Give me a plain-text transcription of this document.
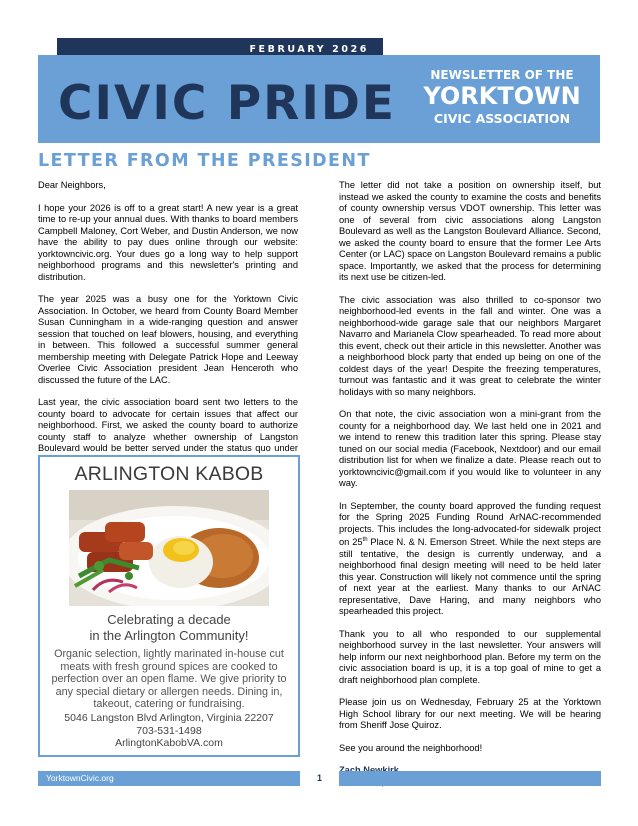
FEBRUARY 2026
CIVIC PRIDE
NEWSLETTER OF THE
YORKTOWN
CIVIC ASSOCIATION
LETTER FROM THE PRESIDENT

Dear Neighbors,

I hope your 2026 is off to a great start! A new year is a great time to re-up your annual dues. With thanks to board members Campbell Maloney, Cort Weber, and Dustin Anderson, we now have the ability to pay dues online through our website: yorktowncivic.org. Your dues go a long way to help support neighborhood programs and this newsletter's printing and distribution.

The year 2025 was a busy one for the Yorktown Civic Association. In October, we heard from County Board Member Susan Cunningham in a wide-ranging question and answer session that touched on leaf blowers, housing, and everything in between. This followed a successful summer general membership meeting with Delegate Patrick Hope and Leeway Overlee Civic Association president Jean Henceroth who discussed the future of the LAC.

Last year, the civic association board sent two letters to the county board to advocate for certain issues that affect our neighborhood. First, we asked the county board to authorize county staff to analyze whether ownership of Langston Boulevard would be better served under the status quo under

ARLINGTON KABOB
Celebrating a decade
in the Arlington Community!
Organic selection, lightly marinated in-house cut meats with fresh ground spices are cooked to perfection over an open flame. We give priority to any special dietary or allergen needs. Dining in, takeout, catering or fundraising.
5046 Langston Blvd Arlington, Virginia 22207
703-531-1498
ArlingtonKabobVA.com

The letter did not take a position on ownership itself, but instead we asked the county to examine the costs and benefits of county ownership versus VDOT ownership. This letter was one of several from civic associations along Langston Boulevard as well as the Langston Boulevard Alliance. Second, we asked the county board to ensure that the former Lee Arts Center (or LAC) space on Langston Boulevard remains a public space. Importantly, we asked that the process for determining its next use be citizen-led.

The civic association was also thrilled to co-sponsor two neighborhood-led events in the fall and winter. One was a neighborhood-wide garage sale that our neighbors Margaret Navarro and Marianela Clow spearheaded. To read more about this event, check out their article in this newsletter. Another was a neighborhood block party that ended up being on one of the coldest days of the year! Despite the freezing temperatures, turnout was fantastic and it was great to celebrate the winter holidays with so many neighbors.

On that note, the civic association won a mini-grant from the county for a neighborhood day. We last held one in 2021 and we intend to renew this tradition later this spring. Please stay tuned on our social media (Facebook, Nextdoor) and our email distribution list for when we finalize a date. Please reach out to yorktowncivic@gmail.com if you would like to volunteer in any way.

In September, the county board approved the funding request for the Spring 2025 Funding Round ArNAC-recommended projects. This includes the long-advocated-for sidewalk project on 25th Place N. & N. Emerson Street. While the next steps are still tentative, the design is currently underway, and a neighborhood final design meeting will need to be held later this year. Construction will likely not commence until the spring of next year at the earliest. Many thanks to our ArNAC representative, Dave Haring, and many neighbors who spearheaded this project.

Thank you to all who responded to our supplemental neighborhood survey in the last newsletter. Your answers will help inform our next neighborhood plan. Before my term on the civic association board is up, it is a top goal of mine to get a draft neighborhood plan complete.

Please join us on Wednesday, February 25 at the Yorktown High School library for our next meeting. We will be hearing from Sheriff Jose Quiroz.

See you around the neighborhood!

YorktownCivic.org	1
